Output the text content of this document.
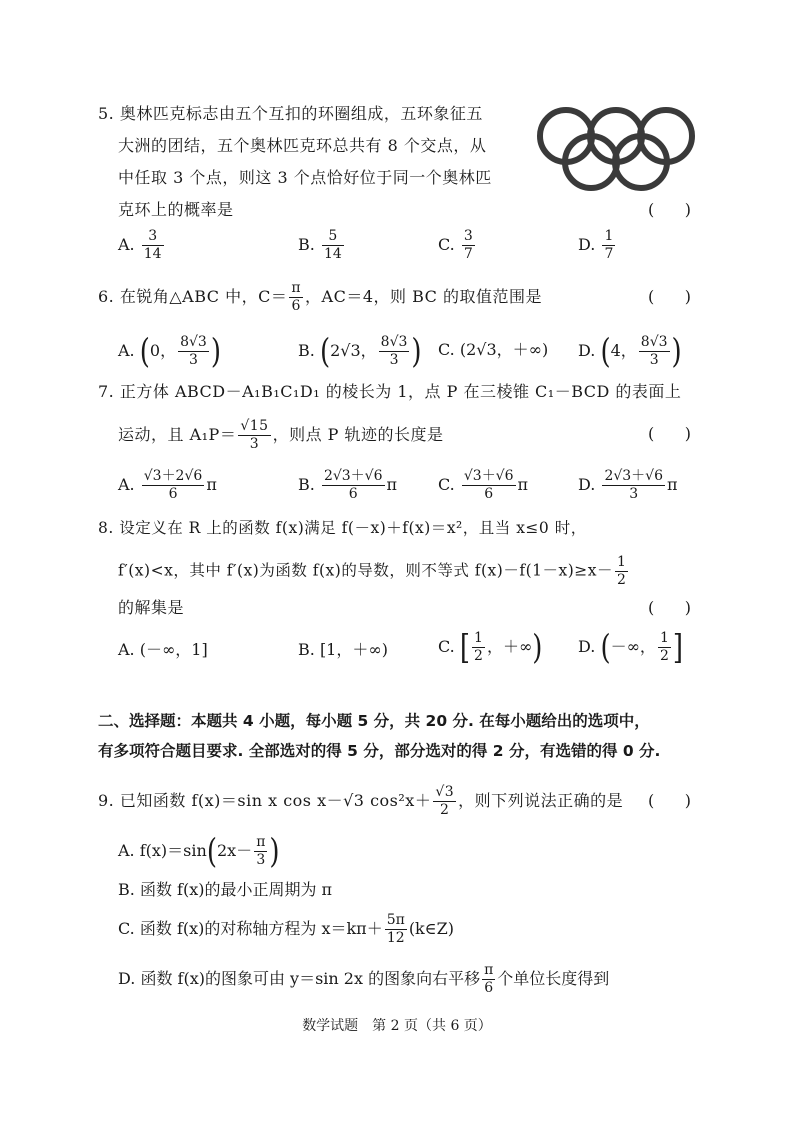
5. 奥林匹克标志由五个互扣的环圈组成，五环象征五
大洲的团结，五个奥林匹克环总共有 8 个交点，从
中任取 3 个点，则这 3 个点恰好位于同一个奥林匹
克环上的概率是	(      )
A. $\frac{3}{14}$	B. $\frac{5}{14}$	C. $\frac{3}{7}$	D. $\frac{1}{7}$
6. 在锐角△ABC 中，$C= \frac{\pi}{6}$ ，AC＝4，则 BC 的取值范围是	(      )
A. (0， $\frac{8√3}{3}$ )	B. (2√3， $\frac{8√3}{3}$ ) C. (2√3，＋∞) D. (4， $\frac{8√3}{3}$ )
7. 正方体 ABCD－A₁B₁C₁D₁ 的棱长为 1，点 P 在三棱锥 C₁－BCD 的表面上
运动，且 $A_1P= \frac{√15}{3}$ ，则点 P 轨迹的长度是	(      )
A. $\frac{√3+2√6}{6}$ π	B. $\frac{2√3+√6}{6}$ π	C. $\frac{√3+√6}{6}$ π	D. $\frac{2√3+√6}{3}$ π
8. 设定义在 R 上的函数 f(x)满足 f(－x)＋f(x)＝x²，且当 x≤0 时，
f′(x)<x，其中 f′(x)为函数 f(x)的导数，则不等式 $f(x)-f(1-x)\ge x- \frac{1}{2}$
的解集是	(      )
A. (－∞，1]	B. [1，＋∞)	C. [ $\frac{1}{2}$ ，＋∞) D. (－∞， $\frac{1}{2}$ ]
二、选择题：本题共 4 小题，每小题 5 分，共 20 分. 在每小题给出的选项中，
有多项符合题目要求. 全部选对的得 5 分，部分选对的得 2 分，有选错的得 0 分.
9. 已知函数 f(x)＝sin x cos x－√3 $\cos^2x+ \frac{√3}{2}$ ，则下列说法正确的是 (      )
A. $f(x)=\sin(2x- \frac{\pi}{3}$ )
B. 函数 f(x)的最小正周期为 π
C. 函数 f(x)的对称轴方程为 $x=k\pi+ \frac{5\pi}{12}$ (k∈Z)
D. 函数 f(x)的图象可由 y＝sin 2x 的图象向右平移 $\frac{\pi}{6}$ 个单位长度得到
数学试题　第 2 页（共 6 页）
